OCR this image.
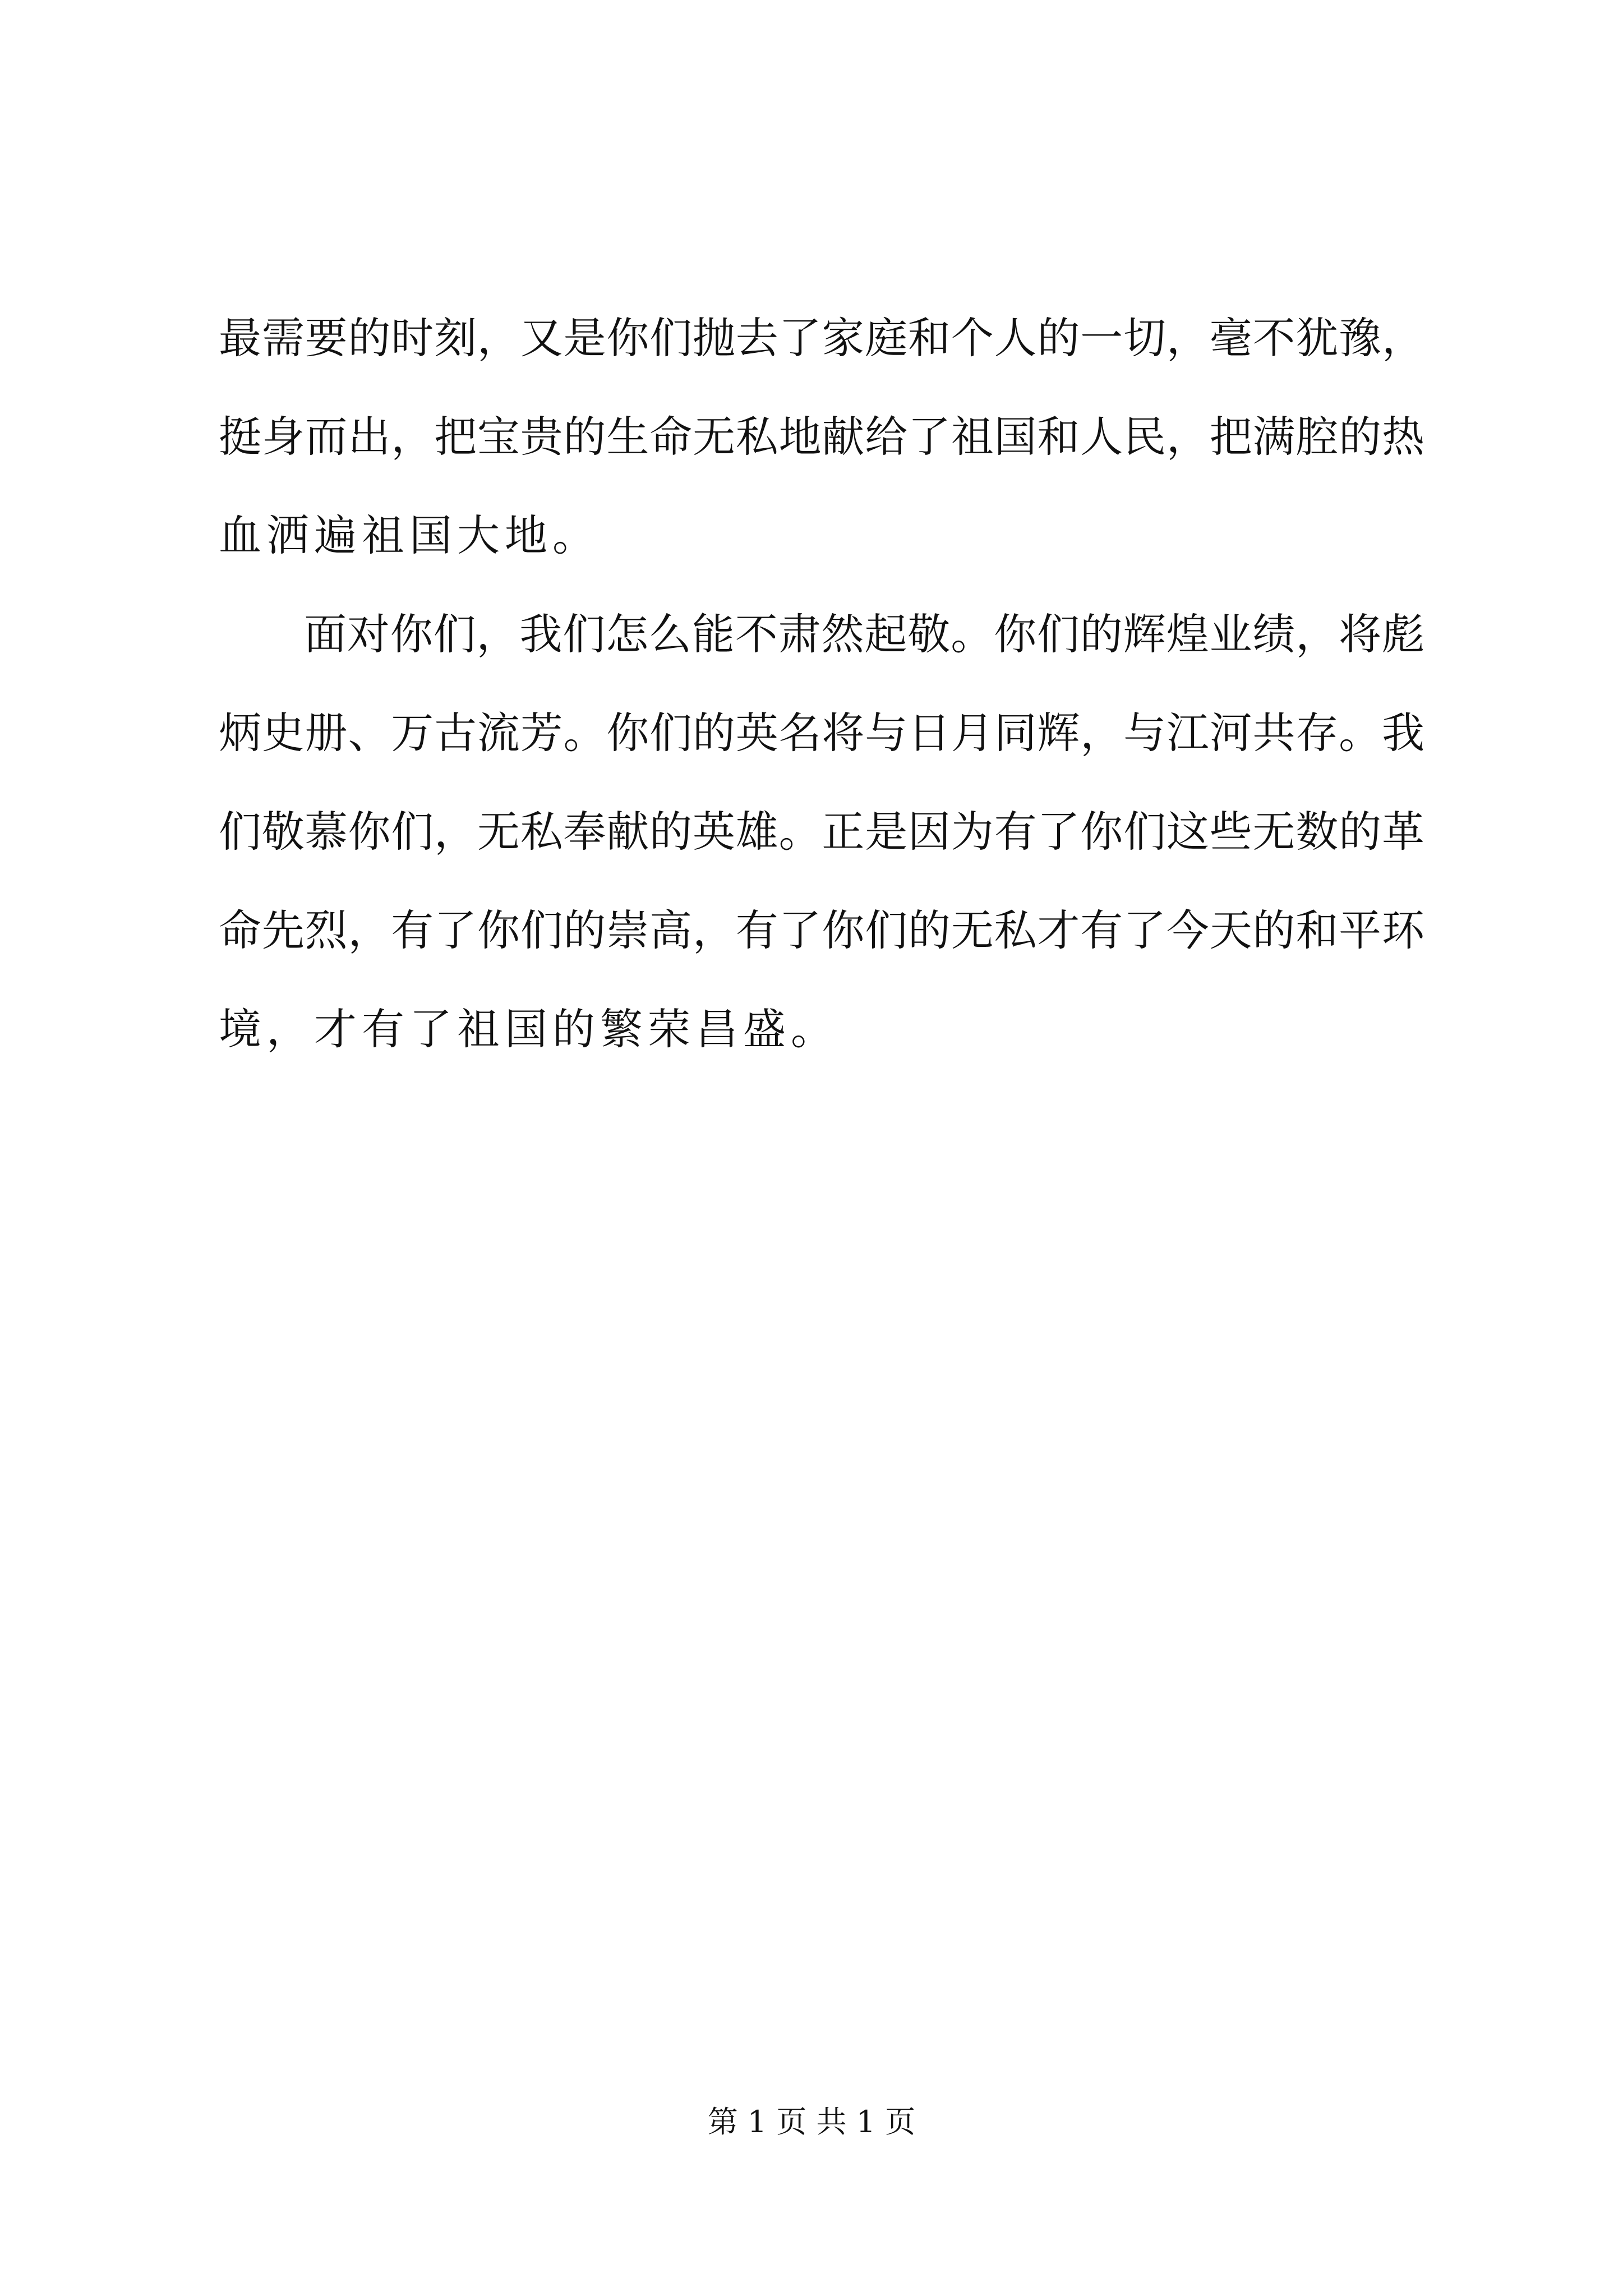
最需要的时刻，又是你们抛去了家庭和个人的一切，毫不犹豫，
挺身而出，把宝贵的生命无私地献给了祖国和人民，把满腔的热
血洒遍祖国大地。
面对你们，我们怎么能不肃然起敬。你们的辉煌业绩，将彪
炳史册、万古流芳。你们的英名将与日月同辉，与江河共存。我
们敬慕你们，无私奉献的英雄。正是因为有了你们这些无数的革
命先烈，有了你们的崇高，有了你们的无私才有了今天的和平环
境，才有了祖国的繁荣昌盛。
第 1 页 共 1 页
